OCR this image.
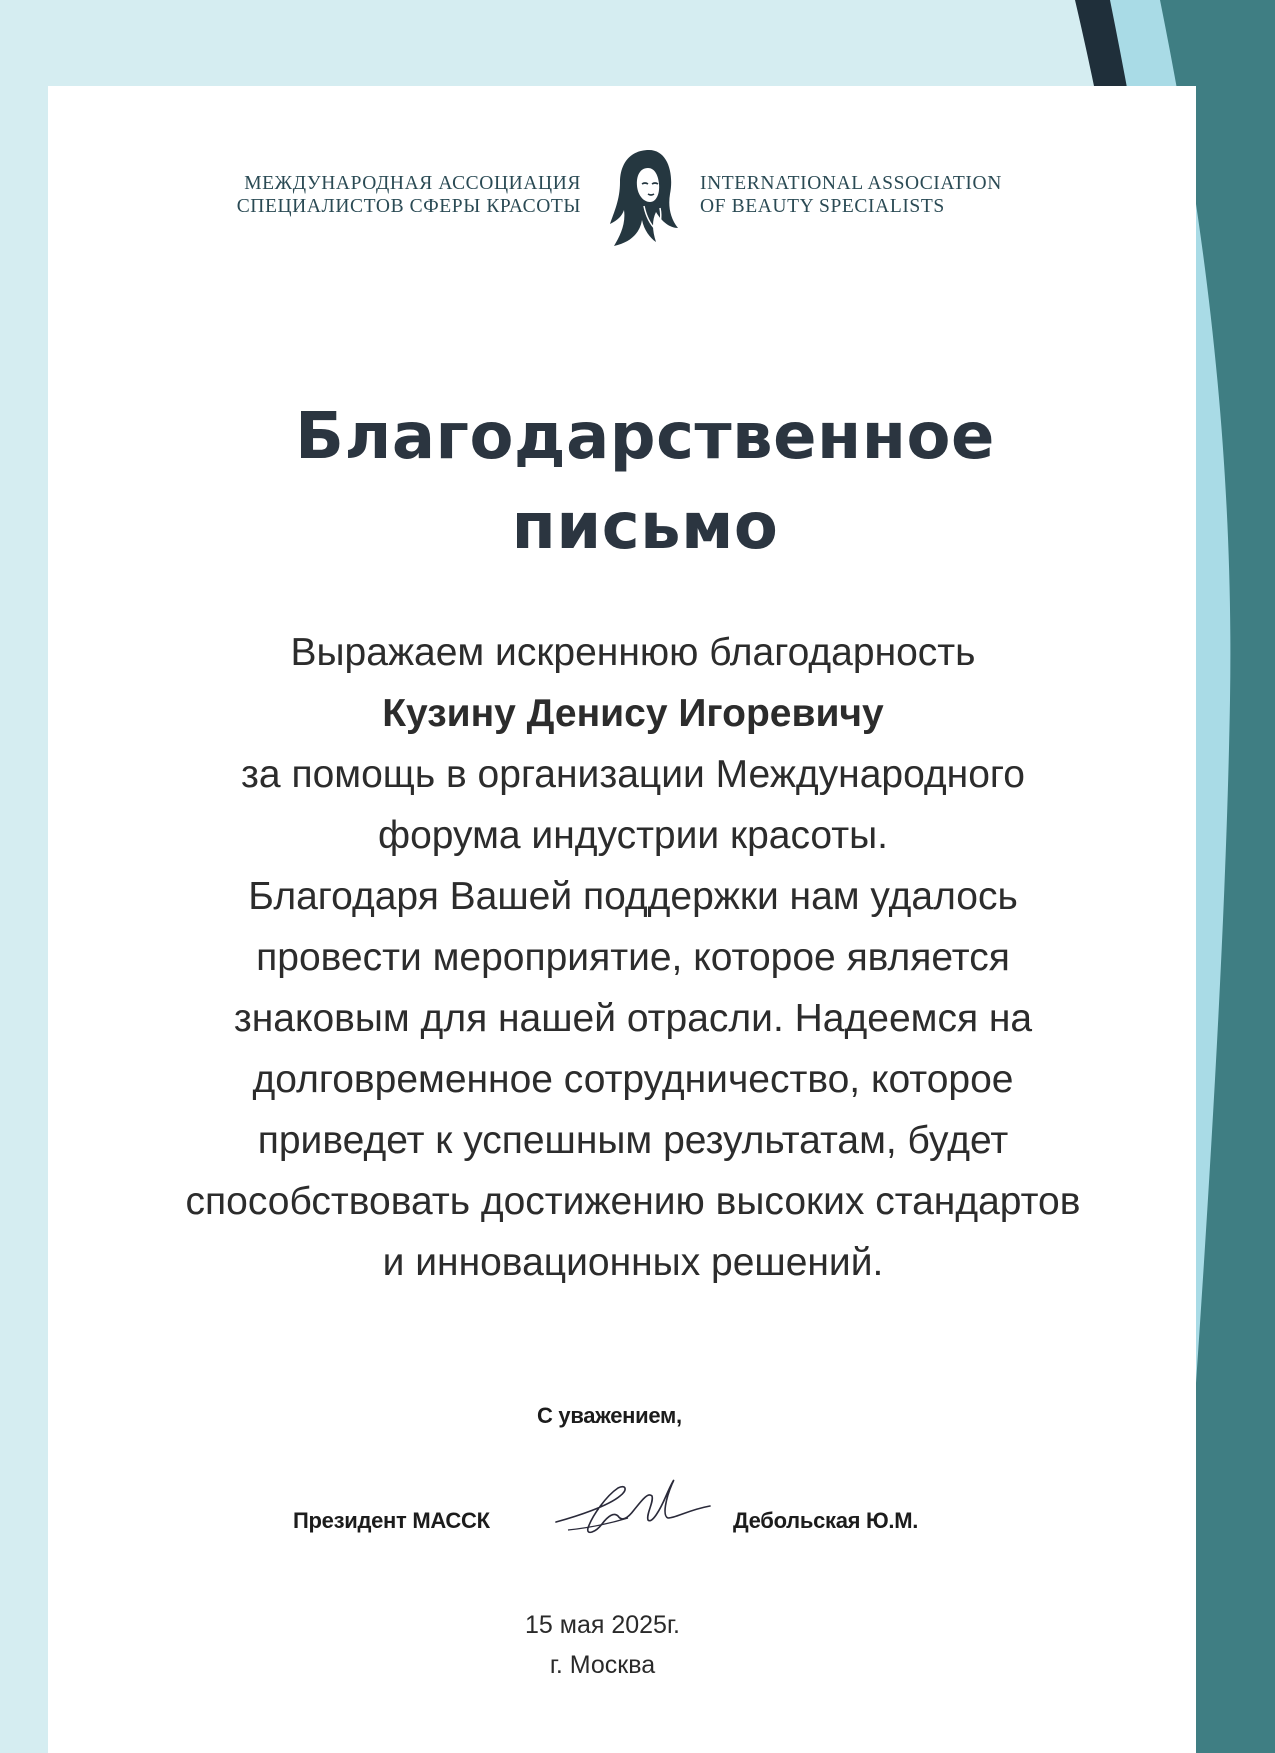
МЕЖДУНАРОДНАЯ АССОЦИАЦИЯ
СПЕЦИАЛИСТОВ СФЕРЫ КРАСОТЫ
INTERNATIONAL ASSOCIATION
OF BEAUTY SPECIALISTS
Благодарственное
письмо
Выражаем искреннюю благодарность
Кузину Денису Игоревичу
за помощь в организации Международного
форума индустрии красоты.
Благодаря Вашей поддержки нам удалось
провести мероприятие, которое является
знаковым для нашей отрасли. Надеемся на
долговременное сотрудничество, которое
приведет к успешным результатам, будет
способствовать достижению высоких стандартов
и инновационных решений.
С уважением,
Президент МАССК	Дебольская Ю.М.
15 мая 2025г.
г. Москва
